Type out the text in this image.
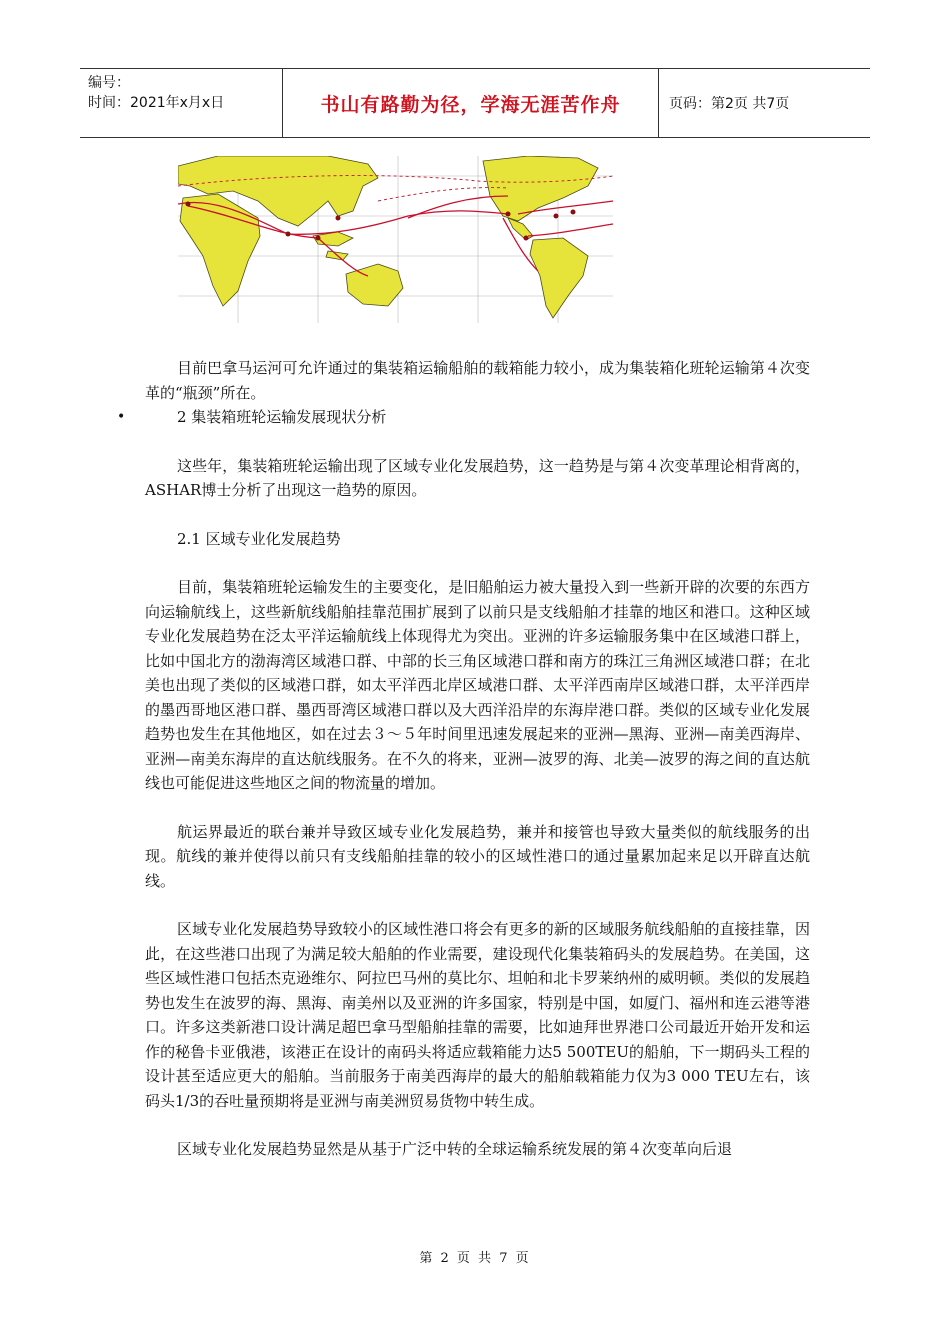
编号：
时间：2021年x月x日	书山有路勤为径，学海无涯苦作舟	页码：第2页 共7页

目前巴拿马运河可允许通过的集装箱运输船舶的载箱能力较小，成为集装箱化班轮运输第４次变革的“瓶颈”所在。

•	2 集装箱班轮运输发展现状分析

这些年，集装箱班轮运输出现了区域专业化发展趋势，这一趋势是与第４次变革理论相背离的，ASHAR博士分析了出现这一趋势的原因。

2.1 区域专业化发展趋势

目前，集装箱班轮运输发生的主要变化，是旧船舶运力被大量投入到一些新开辟的次要的东西方向运输航线上，这些新航线船舶挂靠范围扩展到了以前只是支线船舶才挂靠的地区和港口。这种区域专业化发展趋势在泛太平洋运输航线上体现得尤为突出。亚洲的许多运输服务集中在区域港口群上，比如中国北方的渤海湾区域港口群、中部的长三角区域港口群和南方的珠江三角洲区域港口群；在北美也出现了类似的区域港口群，如太平洋西北岸区域港口群、太平洋西南岸区域港口群，太平洋西岸的墨西哥地区港口群、墨西哥湾区域港口群以及大西洋沿岸的东海岸港口群。类似的区域专业化发展趋势也发生在其他地区，如在过去３～５年时间里迅速发展起来的亚洲—黑海、亚洲—南美西海岸、亚洲—南美东海岸的直达航线服务。在不久的将来，亚洲—波罗的海、北美—波罗的海之间的直达航线也可能促进这些地区之间的物流量的增加。

航运界最近的联台兼并导致区域专业化发展趋势，兼并和接管也导致大量类似的航线服务的出现。航线的兼并使得以前只有支线船舶挂靠的较小的区域性港口的通过量累加起来足以开辟直达航线。

区域专业化发展趋势导致较小的区域性港口将会有更多的新的区域服务航线船舶的直接挂靠，因此，在这些港口出现了为满足较大船舶的作业需要，建设现代化集装箱码头的发展趋势。在美国，这些区域性港口包括杰克逊维尔、阿拉巴马州的莫比尔、坦帕和北卡罗莱纳州的威明顿。类似的发展趋势也发生在波罗的海、黑海、南美州以及亚洲的许多国家，特别是中国，如厦门、福州和连云港等港口。许多这类新港口设计满足超巴拿马型船舶挂靠的需要，比如迪拜世界港口公司最近开始开发和运作的秘鲁卡亚俄港，该港正在设计的南码头将适应载箱能力达5 500TEU的船舶，下一期码头工程的设计甚至适应更大的船舶。当前服务于南美西海岸的最大的船舶载箱能力仅为3 000 TEU左右，该码头1/3的吞吐量预期将是亚洲与南美洲贸易货物中转生成。

区域专业化发展趋势显然是从基于广泛中转的全球运输系统发展的第４次变革向后退

第 2 页 共 7 页
